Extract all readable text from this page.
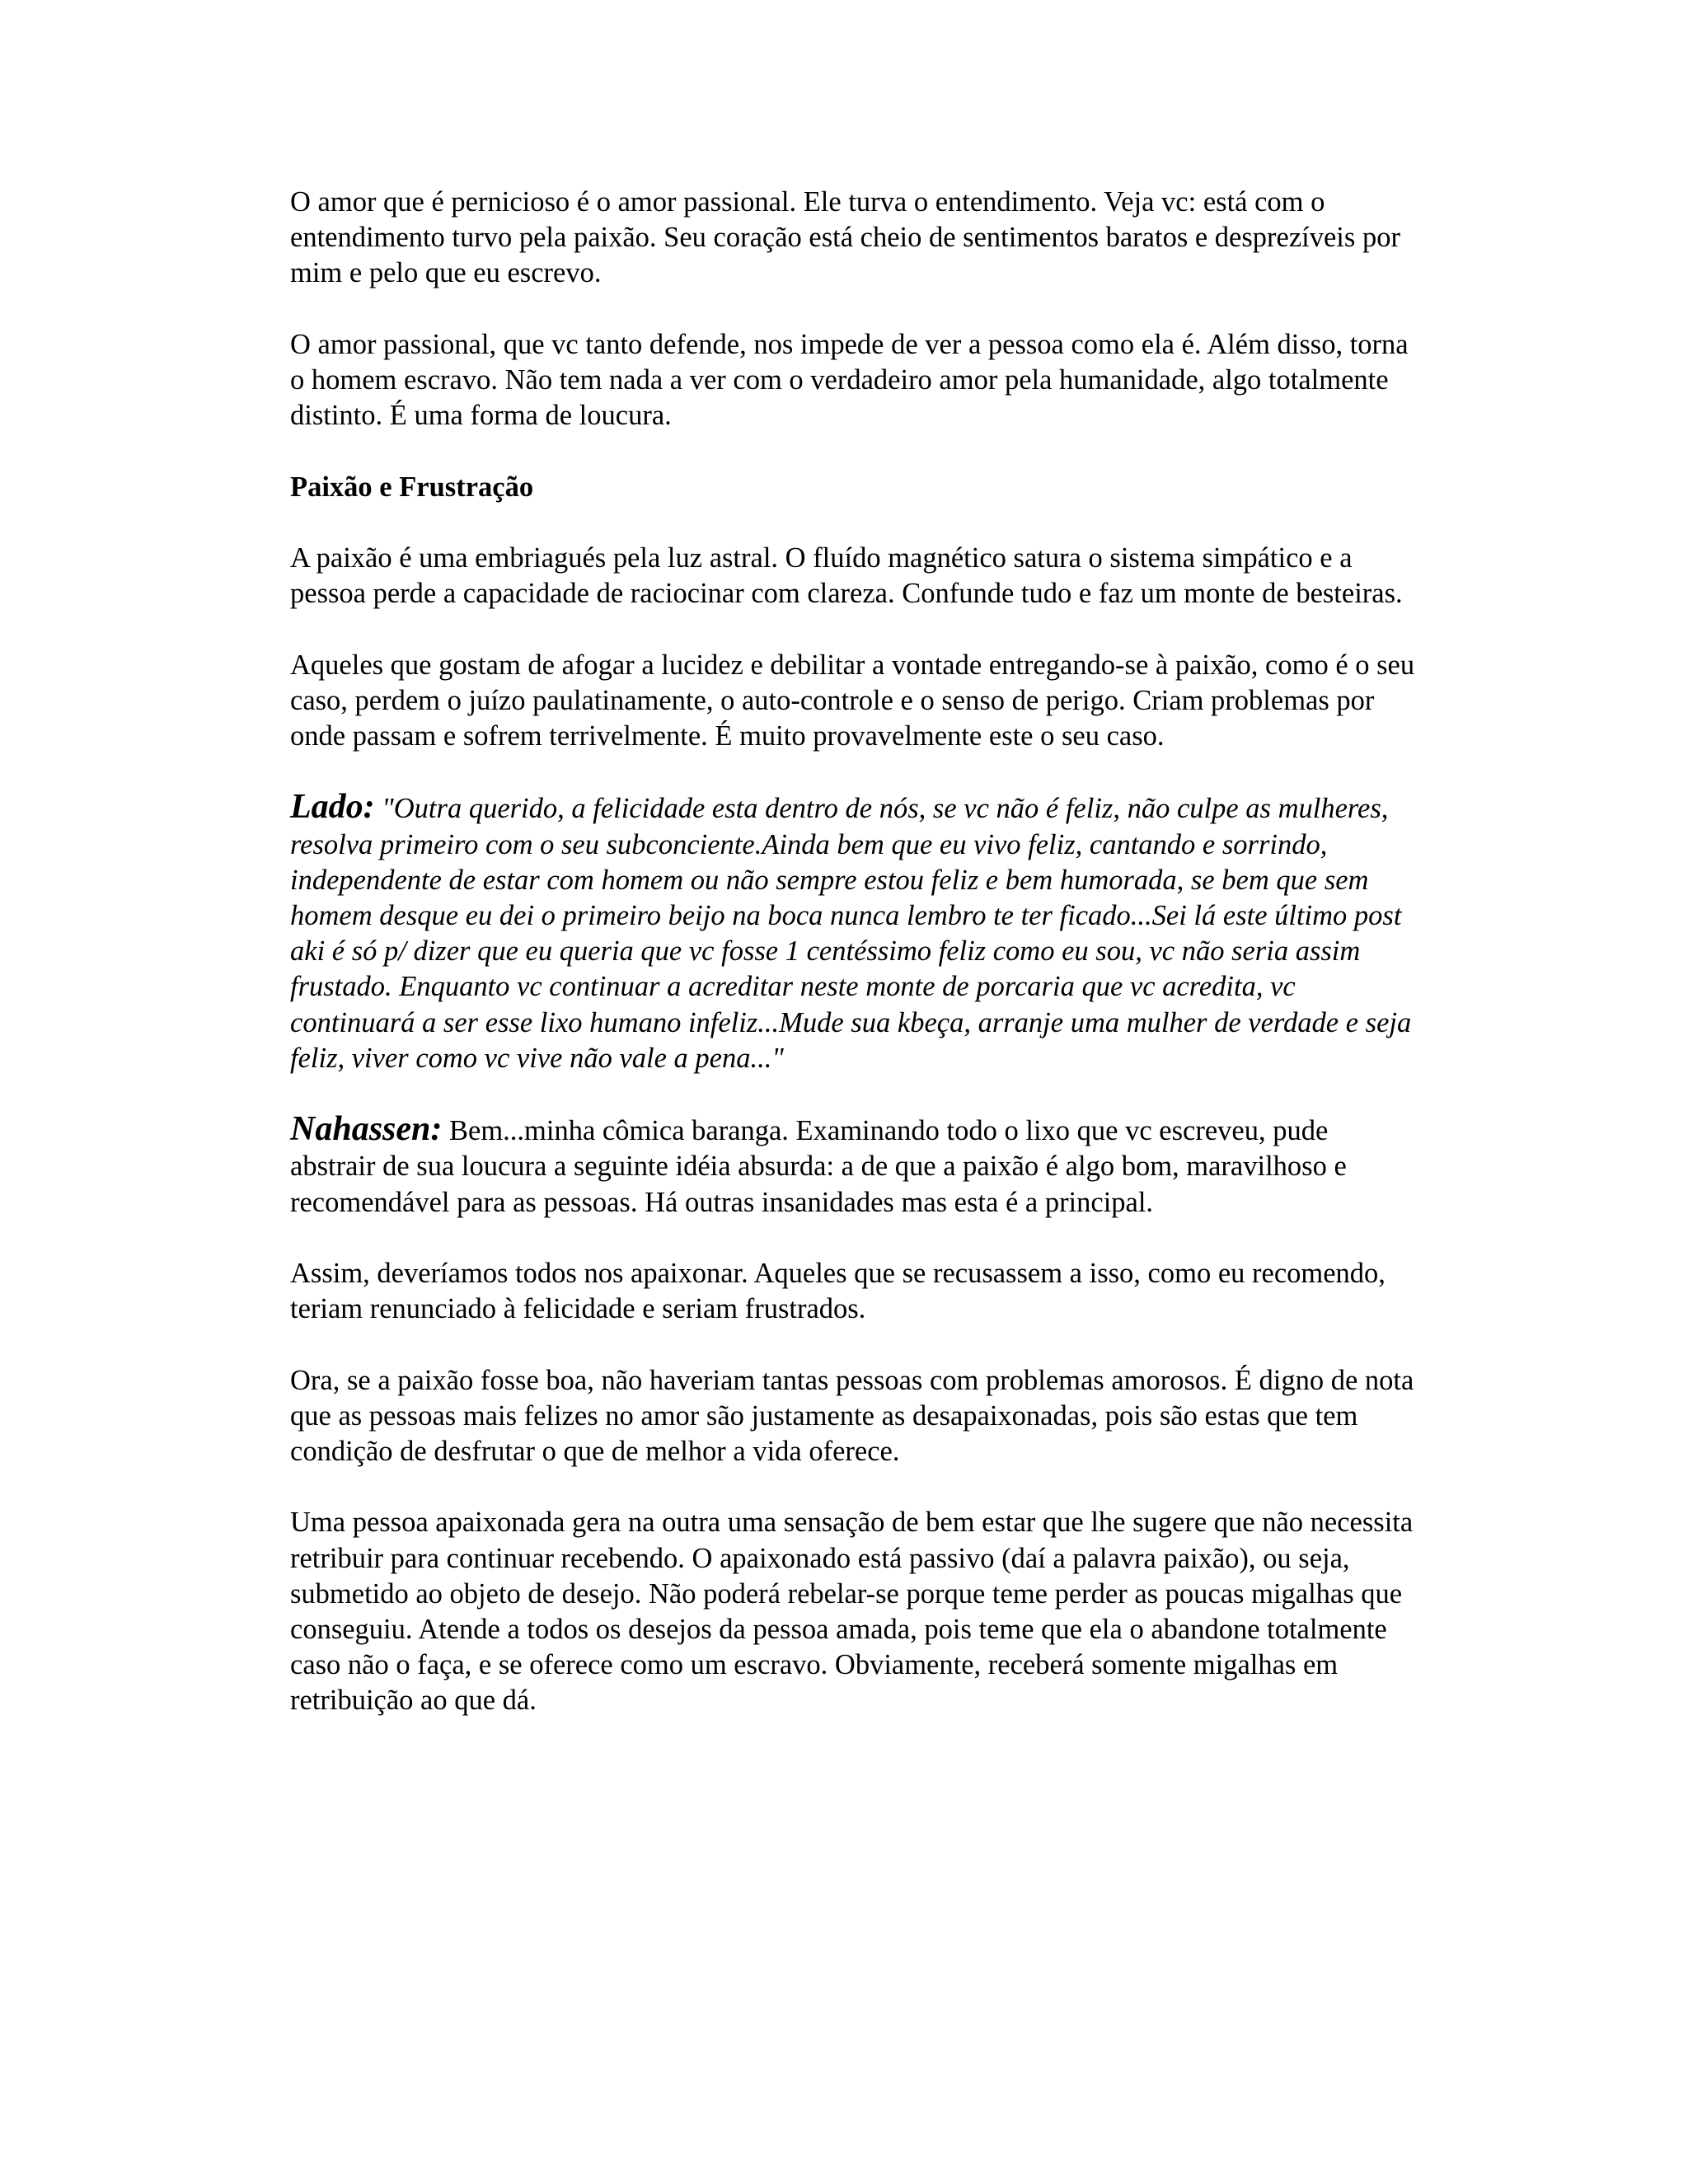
O amor que é pernicioso é o amor passional. Ele turva o entendimento. Veja vc: está com o entendimento turvo pela paixão. Seu coração está cheio de sentimentos baratos e desprezíveis por mim e pelo que eu escrevo.

O amor passional, que vc tanto defende, nos impede de ver a pessoa como ela é. Além disso, torna o homem escravo. Não tem nada a ver com o verdadeiro amor pela humanidade, algo totalmente distinto. É uma forma de loucura.

Paixão e Frustração

A paixão é uma embriagués pela luz astral. O fluído magnético satura o sistema simpático e a pessoa perde a capacidade de raciocinar com clareza. Confunde tudo e faz um monte de besteiras.

Aqueles que gostam de afogar a lucidez e debilitar a vontade entregando-se à paixão, como é o seu caso, perdem o juízo paulatinamente, o auto-controle e o senso de perigo. Criam problemas por onde passam e sofrem terrivelmente. É muito provavelmente este o seu caso.

Lado: "Outra querido, a felicidade esta dentro de nós, se vc não é feliz, não culpe as mulheres, resolva primeiro com o seu subconciente.Ainda bem que eu vivo feliz, cantando e sorrindo, independente de estar com homem ou não sempre estou feliz e bem humorada, se bem que sem homem desque eu dei o primeiro beijo na boca nunca lembro te ter ficado...Sei lá este último post aki é só p/ dizer que eu queria que vc fosse 1 centéssimo feliz como eu sou, vc não seria assim frustado. Enquanto vc continuar a acreditar neste monte de porcaria que vc acredita, vc continuará a ser esse lixo humano infeliz...Mude sua kbeça, arranje uma mulher de verdade e seja feliz, viver como vc vive não vale a pena..."

Nahassen: Bem...minha cômica baranga. Examinando todo o lixo que vc escreveu, pude abstrair de sua loucura a seguinte idéia absurda: a de que a paixão é algo bom, maravilhoso e recomendável para as pessoas. Há outras insanidades mas esta é a principal.

Assim, deveríamos todos nos apaixonar. Aqueles que se recusassem a isso, como eu recomendo, teriam renunciado à felicidade e seriam frustrados.

Ora, se a paixão fosse boa, não haveriam tantas pessoas com problemas amorosos. É digno de nota que as pessoas mais felizes no amor são justamente as desapaixonadas, pois são estas que tem condição de desfrutar o que de melhor a vida oferece.

Uma pessoa apaixonada gera na outra uma sensação de bem estar que lhe sugere que não necessita retribuir para continuar recebendo. O apaixonado está passivo (daí a palavra paixão), ou seja, submetido ao objeto de desejo. Não poderá rebelar-se porque teme perder as poucas migalhas que conseguiu. Atende a todos os desejos da pessoa amada, pois teme que ela o abandone totalmente caso não o faça, e se oferece como um escravo. Obviamente, receberá somente migalhas em retribuição ao que dá.
